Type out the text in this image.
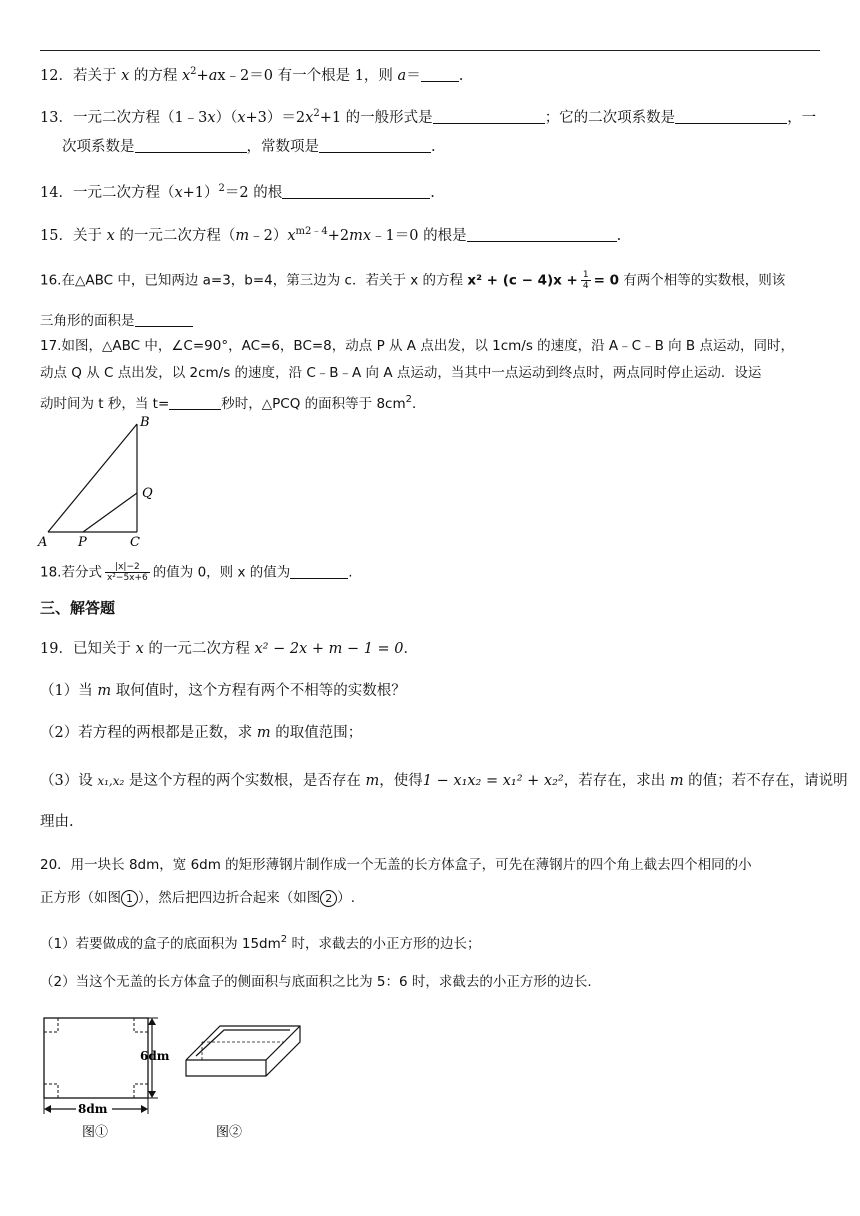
12．若关于 x 的方程 $x^2+ax﹣2=0$ 有一个根是 1，则 a＝	.
13．一元二次方程$(1﹣3x)(x+3)=2x^2+1$ 的一般形式是	；它的二次项系数是	，一
次项系数是	，常数项是	.
14．一元二次方程$(x+1)^2=2$ 的根	.
15．关于 x 的一元二次方程$(m﹣2)x^{m2﹣4}+2mx﹣1=0$ 的根是	.
16.在△ABC 中，已知两边 a=3，b=4，第三边为 c．若关于 x 的方程 $x^2 + (c - 4)x + \frac{1}{4} = 0$ 有两个相等的实数根，则该
三角形的面积是
17.如图，△ABC 中，∠C=90°，AC=6，BC=8，动点 P 从 A 点出发，以 1cm/s 的速度，沿 A﹣C﹣B 向 B 点运动，同时，
动点 Q 从 C 点出发，以 2cm/s 的速度，沿 C﹣B﹣A 向 A 点运动，当其中一点运动到终点时，两点同时停止运动．设运
动时间为 t 秒，当 t=	秒时，△PCQ 的面积等于 $8cm^2$．
A P	C
B
Q
18.若分式 $\frac{|x|-2}{\text{x²−5x+6}}$ 的值为 0，则 x 的值为	.
三、解答题
19．已知关于 x 的一元二次方程 x² − 2x + m − 1 = 0．
（1）当 m 取何值时，这个方程有两个不相等的实数根？
（2）若方程的两根都是正数，求 m 的取值范围；
（3）设 x₁,x₂ 是这个方程的两个实数根，是否存在 m，使得1 − x₁x₂ = x₁² + x₂²，若存在，求出 m 的值；若不存在，请说明
理由.
20．用一块长 8dm，宽 6dm 的矩形薄钢片制作成一个无盖的长方体盒子，可先在薄钢片的四个角上截去四个相同的小
正方形（如图 1 ），然后把四边折合起来（如图 2 ）.
（1）若要做成的盒子的底面积为 $15dm^2$ 时，求截去的小正方形的边长；
（2）当这个无盖的长方体盒子的侧面积与底面积之比为 5：6 时，求截去的小正方形的边长.
6dm
8dm
图①	图②
